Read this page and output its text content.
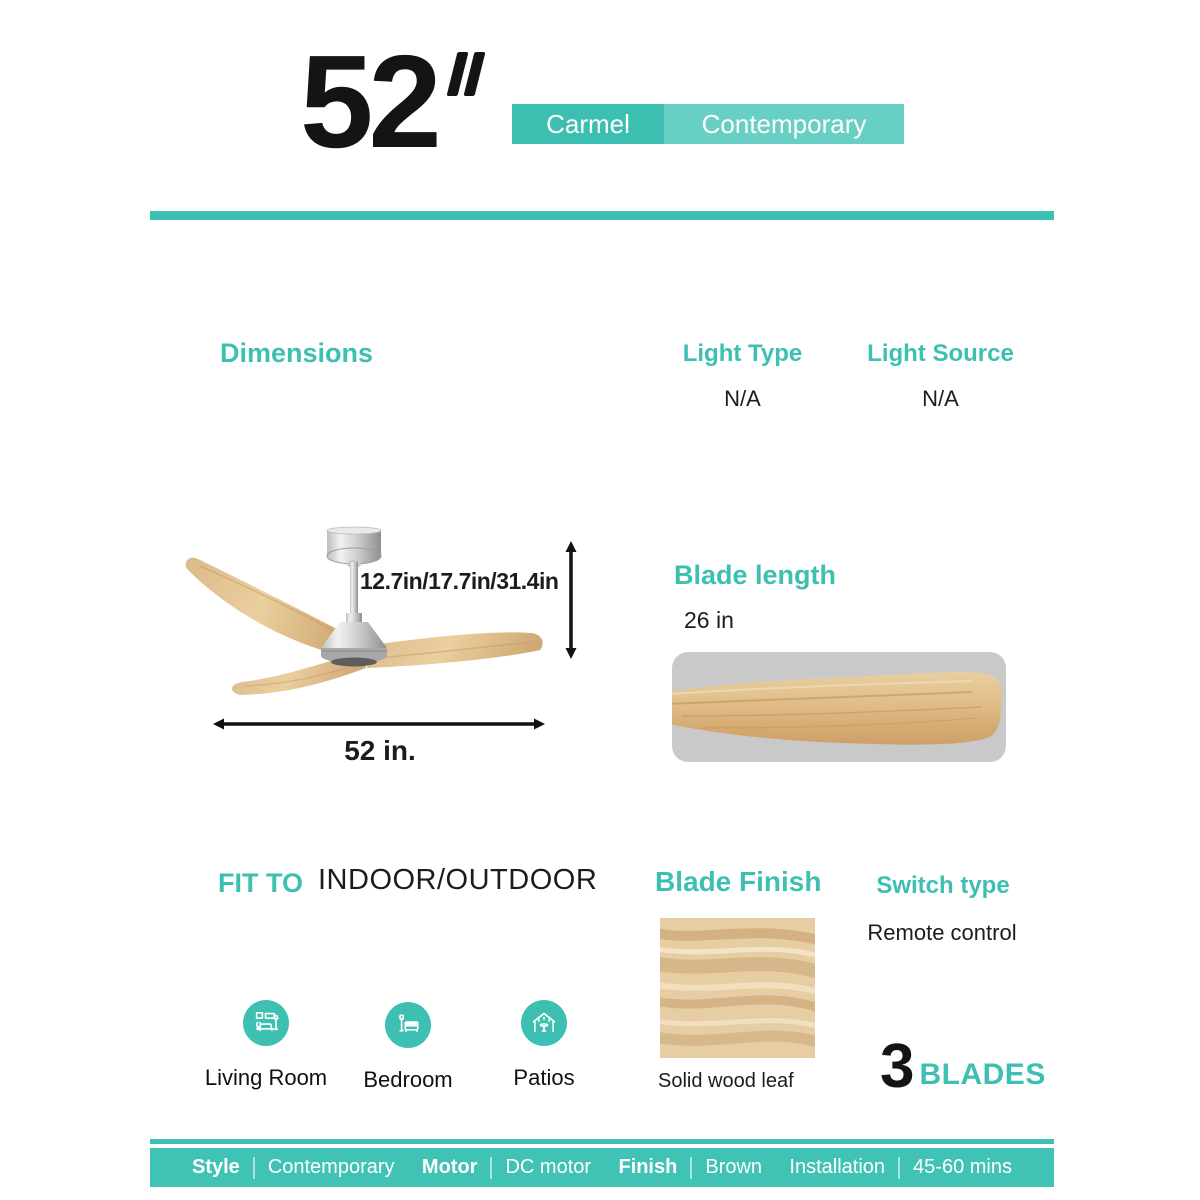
52	Carmel	Contemporary
Dimensions	Light Type
N/A
Light Source
N/A
12.7in/17.7in/31.4in
52 in.
Blade length
26 in
FIT TO INDOOR/OUTDOOR
Living Room	Bedroom	Patios
Blade Finish
Solid wood leaf
Switch type
Remote control
3 BLADES
Style Contemporary Motor DC motor Finish Brown Installation 45-60 mins
